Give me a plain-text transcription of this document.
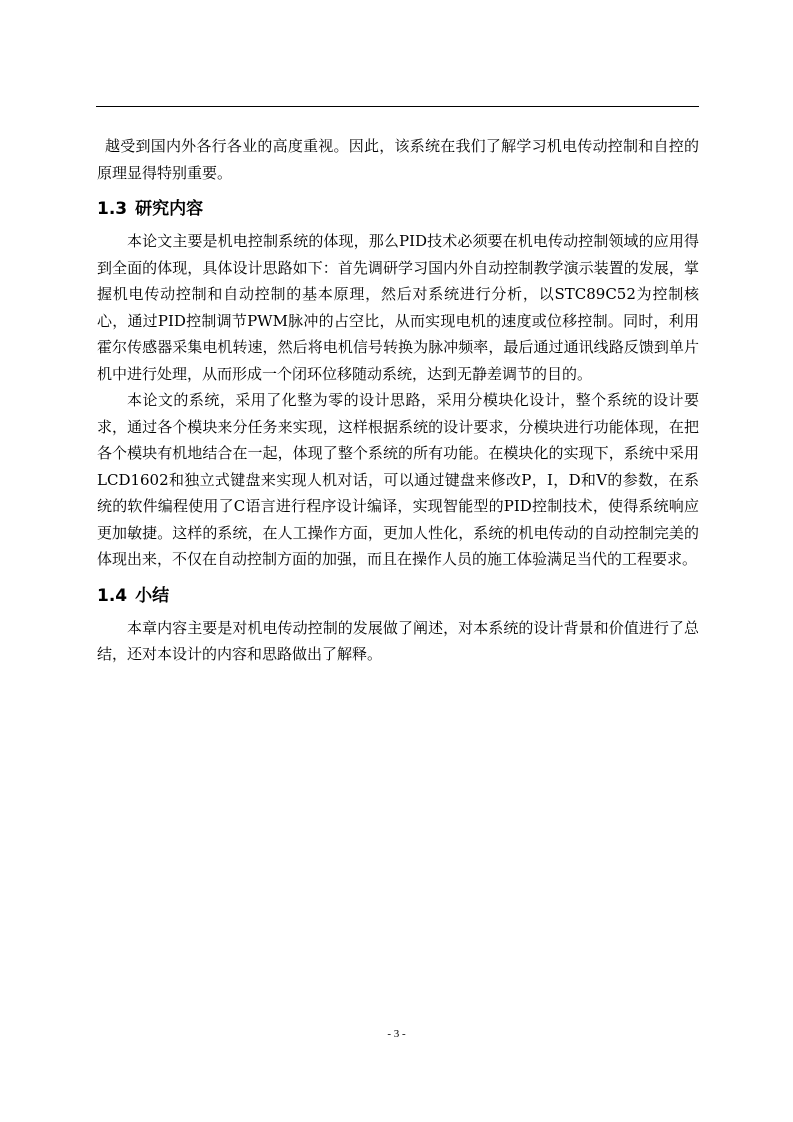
越受到国内外各行各业的高度重视。因此，该系统在我们了解学习机电传动控制和自控的原理显得特别重要。

1.3 研究内容

本论文主要是机电控制系统的体现，那么PID技术必须要在机电传动控制领域的应用得到全面的体现，具体设计思路如下：首先调研学习国内外自动控制教学演示装置的发展，掌握机电传动控制和自动控制的基本原理，然后对系统进行分析，以STC89C52为控制核心，通过PID控制调节PWM脉冲的占空比，从而实现电机的速度或位移控制。同时，利用霍尔传感器采集电机转速，然后将电机信号转换为脉冲频率，最后通过通讯线路反馈到单片机中进行处理，从而形成一个闭环位移随动系统，达到无静差调节的目的。

本论文的系统，采用了化整为零的设计思路，采用分模块化设计，整个系统的设计要求，通过各个模块来分任务来实现，这样根据系统的设计要求，分模块进行功能体现，在把各个模块有机地结合在一起，体现了整个系统的所有功能。在模块化的实现下，系统中采用LCD1602和独立式键盘来实现人机对话，可以通过键盘来修改P，I，D和V的参数，在系统的软件编程使用了C语言进行程序设计编译，实现智能型的PID控制技术，使得系统响应更加敏捷。这样的系统，在人工操作方面，更加人性化，系统的机电传动的自动控制完美的体现出来，不仅在自动控制方面的加强，而且在操作人员的施工体验满足当代的工程要求。

1.4 小结

本章内容主要是对机电传动控制的发展做了阐述，对本系统的设计背景和价值进行了总结，还对本设计的内容和思路做出了解释。

- 3 -
